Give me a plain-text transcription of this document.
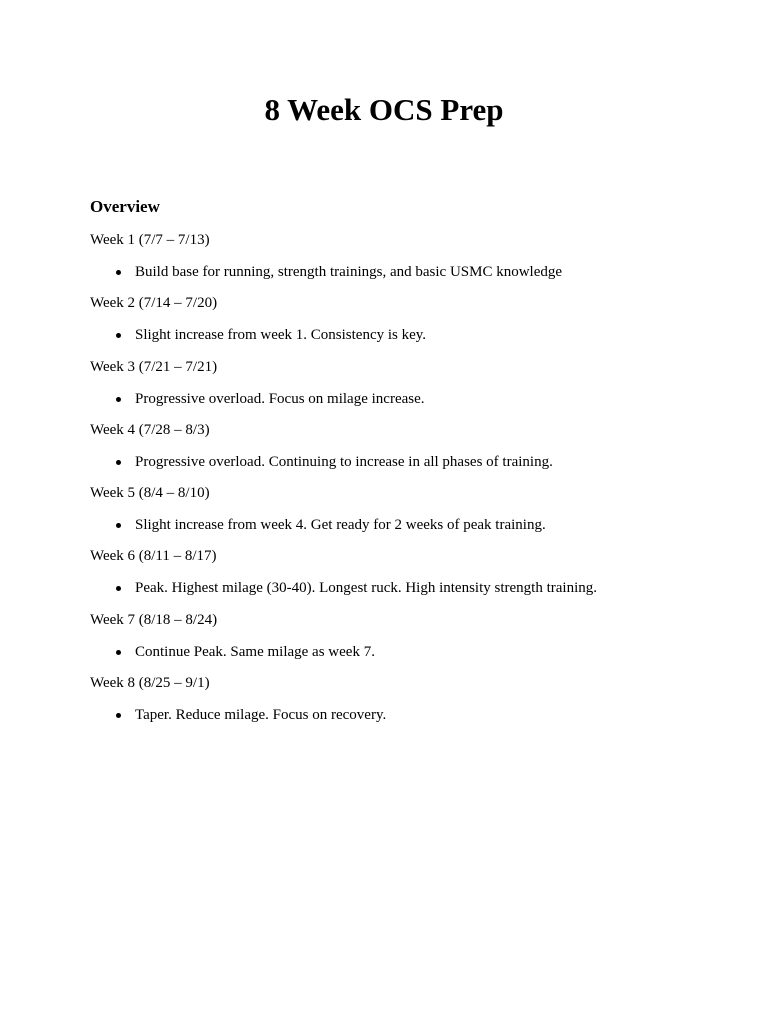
8 Week OCS Prep
Overview
Week 1 (7/7 – 7/13)
Build base for running, strength trainings, and basic USMC knowledge
Week 2 (7/14 – 7/20)
Slight increase from week 1. Consistency is key.
Week 3 (7/21 – 7/21)
Progressive overload. Focus on milage increase.
Week 4 (7/28 – 8/3)
Progressive overload. Continuing to increase in all phases of training.
Week 5 (8/4 – 8/10)
Slight increase from week 4. Get ready for 2 weeks of peak training.
Week 6 (8/11 – 8/17)
Peak. Highest milage (30-40). Longest ruck. High intensity strength training.
Week 7 (8/18 – 8/24)
Continue Peak. Same milage as week 7.
Week 8 (8/25 – 9/1)
Taper. Reduce milage. Focus on recovery.
